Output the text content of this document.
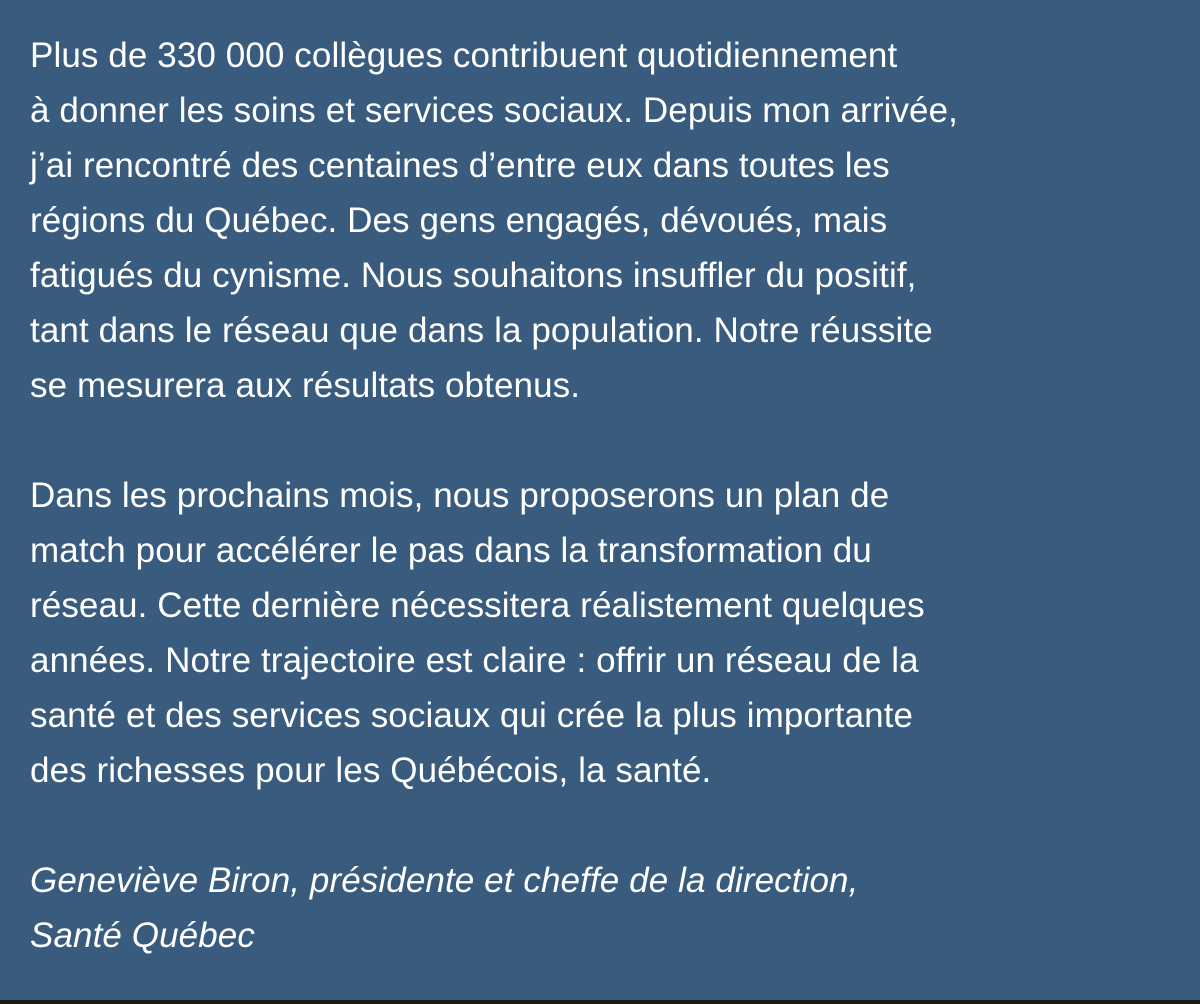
Plus de 330 000 collègues contribuent quotidiennement
à donner les soins et services sociaux. Depuis mon arrivée,
j’ai rencontré des centaines d’entre eux dans toutes les
régions du Québec. Des gens engagés, dévoués, mais
fatigués du cynisme. Nous souhaitons insuffler du positif,
tant dans le réseau que dans la population. Notre réussite
se mesurera aux résultats obtenus.

Dans les prochains mois, nous proposerons un plan de
match pour accélérer le pas dans la transformation du
réseau. Cette dernière nécessitera réalistement quelques
années. Notre trajectoire est claire : offrir un réseau de la
santé et des services sociaux qui crée la plus importante
des richesses pour les Québécois, la santé.

Geneviève Biron, présidente et cheffe de la direction,
Santé Québec
